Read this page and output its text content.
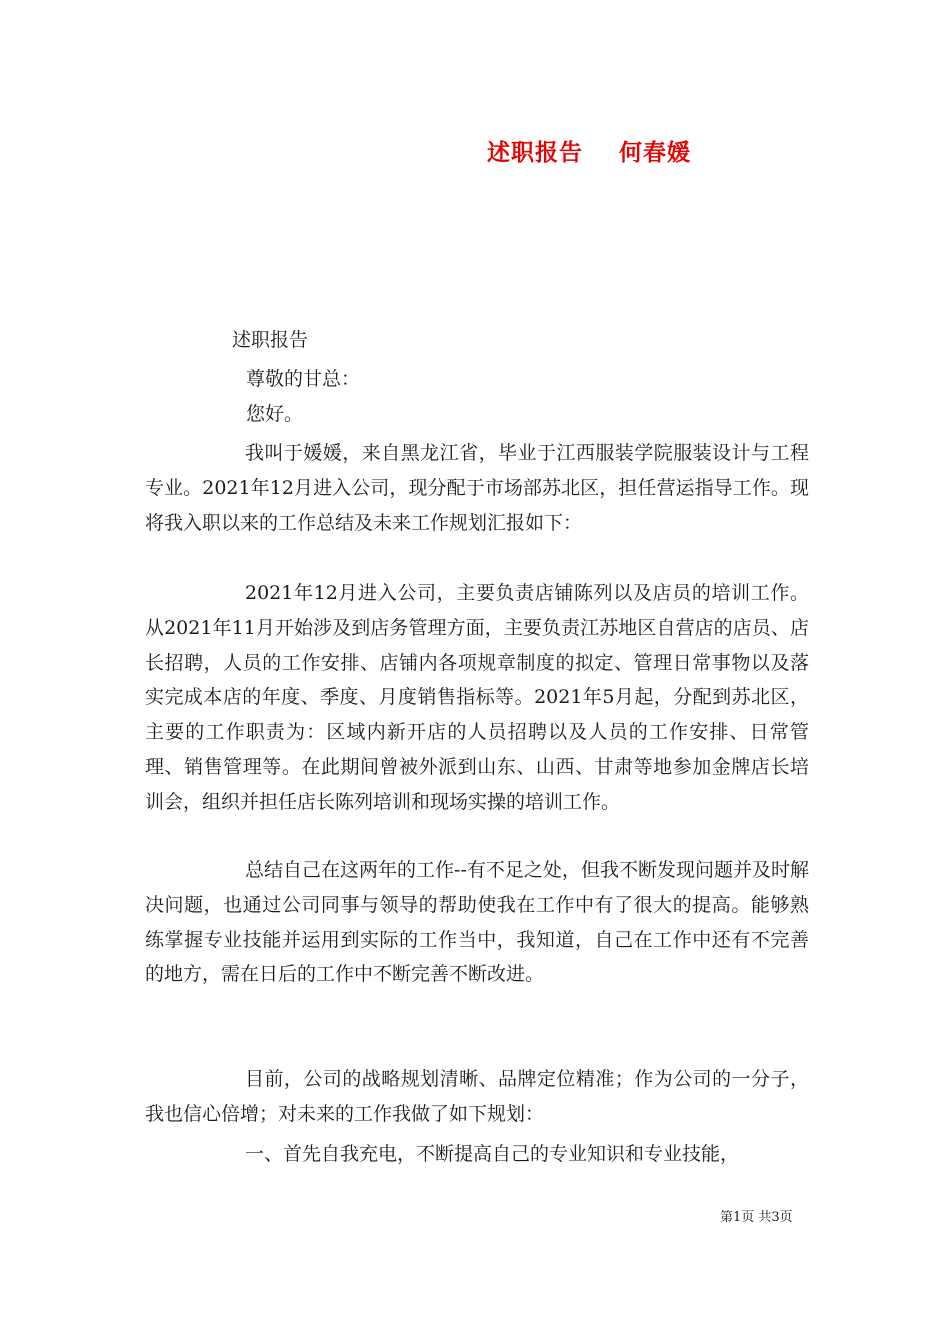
述职报告    何春媛
述职报告
尊敬的甘总：
您好。

我叫于媛媛，来自黑龙江省，毕业于江西服装学院服装设计与工程专业。2021年12月进入公司，现分配于市场部苏北区，担任营运指导工作。现将我入职以来的工作总结及未来工作规划汇报如下：

2021年12月进入公司，主要负责店铺陈列以及店员的培训工作。从2021年11月开始涉及到店务管理方面，主要负责江苏地区自营店的店员、店长招聘，人员的工作安排、店铺内各项规章制度的拟定、管理日常事物以及落实完成本店的年度、季度、月度销售指标等。2021年5月起，分配到苏北区，主要的工作职责为：区域内新开店的人员招聘以及人员的工作安排、日常管理、销售管理等。在此期间曾被外派到山东、山西、甘肃等地参加金牌店长培训会，组织并担任店长陈列培训和现场实操的培训工作。

总结自己在这两年的工作--有不足之处，但我不断发现问题并及时解决问题，也通过公司同事与领导的帮助使我在工作中有了很大的提高。能够熟练掌握专业技能并运用到实际的工作当中，我知道，自己在工作中还有不完善的地方，需在日后的工作中不断完善不断改进。

目前，公司的战略规划清晰、品牌定位精准；作为公司的一分子，我也信心倍增；对未来的工作我做了如下规划：

一、首先自我充电，不断提高自己的专业知识和专业技能，

第1页 共3页
